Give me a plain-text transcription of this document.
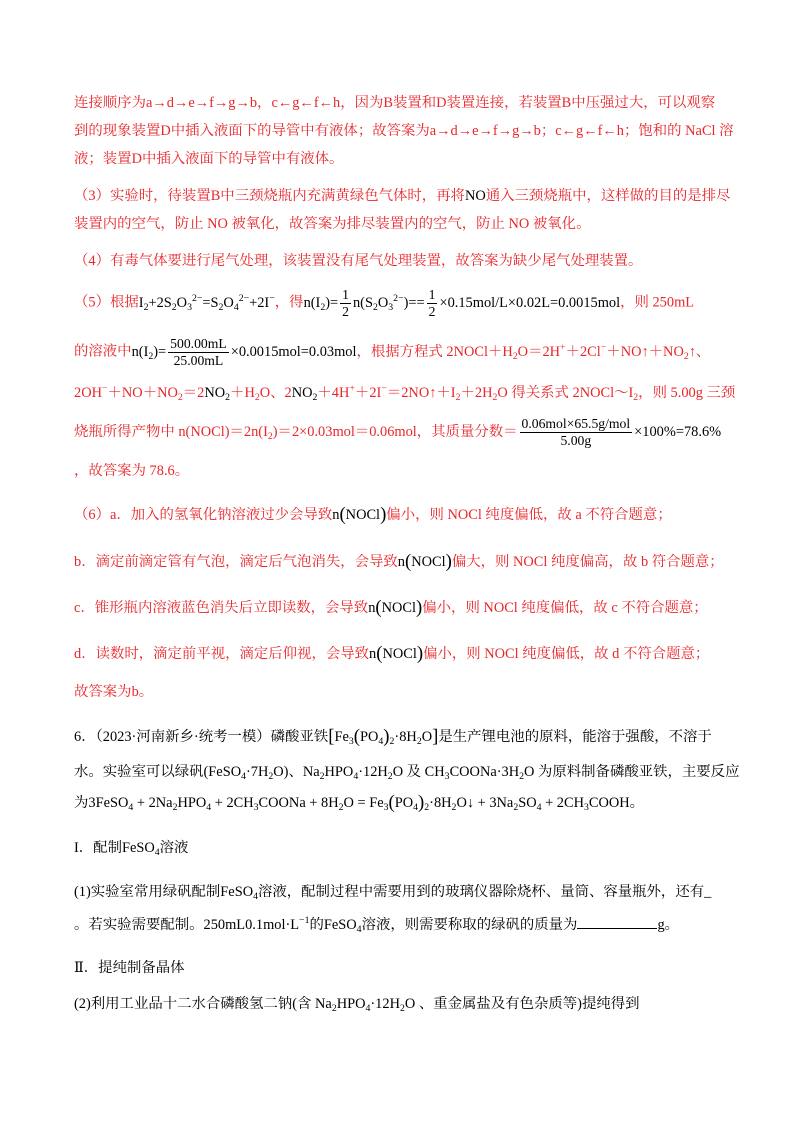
连接顺序为a→d→e→f→g→b，c←g←f←h，因为B装置和D装置连接，若装置B中压强过大，可以观察
到的现象装置D中插入液面下的导管中有液体；故答案为a→d→e→f→g→b；c←g←f←h；饱和的 NaCl 溶
液；装置D中插入液面下的导管中有液体。
（3）实验时，待装置B中三颈烧瓶内充满黄绿色气体时，再将NO通入三颈烧瓶中，这样做的目的是排尽
装置内的空气，防止 NO 被氧化，故答案为排尽装置内的空气，防止 NO 被氧化。
（4）有毒气体要进行尾气处理，该装置没有尾气处理装置，故答案为缺少尾气处理装置。
（5）根据$I_2+2S_2O_3^{2-}=S_2O_4^{2-}+2I^-$，得$n(I_2)= \frac{1}{2} n(S_2O_3^{2-})== \frac{1}{2} \times 0.15mol/L\times 0.02L=0.0015mol$，则 250mL
的溶液中$n(I_2)= \frac{500.00mL}{25.00mL} \times 0.0015mol=0.03mol$，根据方程式 $2NOCl+H_2O=2H^++2Cl^-+NO↑+NO_2↑$、
$2OH^-+NO+NO_2=2NO_2+H_2O$、$2NO_2+4H^++2I^-=2NO↑+I_2+2H_2O$ 得关系式 $2NOCl\sim I_2$，则 5.00g 三颈
烧瓶所得产物中 $n(NOCl)=2n(I_2)=2\times 0.03mol=0.06mol$，其质量分数＝ $\frac{\text{0.06mol×65.5g/mol}}{5.00g} \times 100\%=78.6\%$
，故答案为 78.6。
（6）a．加入的氢氧化钠溶液过少会导致n(NOCl)偏小，则 NOCl 纯度偏低，故 a 不符合题意；
b．滴定前滴定管有气泡，滴定后气泡消失，会导致n(NOCl)偏大，则 NOCl 纯度偏高，故 b 符合题意；
c．锥形瓶内溶液蓝色消失后立即读数，会导致n(NOCl)偏小，则 NOCl 纯度偏低，故 c 不符合题意；
d．读数时，滴定前平视，滴定后仰视，会导致n(NOCl)偏小，则 NOCl 纯度偏低，故 d 不符合题意；
故答案为b。
6．（2023·河南新乡·统考一模）磷酸亚铁$[Fe_3(PO_4)_2\cdot 8H_2O]$是生产锂电池的原料，能溶于强酸，不溶于
水。实验室可以绿矾$(FeSO_4\cdot 7H_2O)$、$Na_2HPO_4\cdot 12H_2O$ 及 $CH_3COONa\cdot 3H_2O$ 为原料制备磷酸亚铁，主要反应
为3FeSO$_4$ + $2Na_2HPO_4$ + $2CH_3COONa + 8H_2O$ = $Fe_3(PO_4)_2\cdot 8H_2O↓ + 3Na_2SO_4$ + $2CH_3COOH$。
I．配制FeSO$_4$溶液
(1)实验室常用绿矾配制FeSO$_4$溶液，配制过程中需要用到的玻璃仪器除烧杯、量筒、容量瓶外，还有_
。若实验需要配制。$250mL0.1mol\cdot L^{-1}$的FeSO$_4$溶液，则需要称取的绿矾的质量为	g。
Ⅱ．提纯制备晶体
(2)利用工业品十二水合磷酸氢二钠(含 $Na_2HPO_4\cdot 12H_2O$ 、重金属盐及有色杂质等)提纯得到
